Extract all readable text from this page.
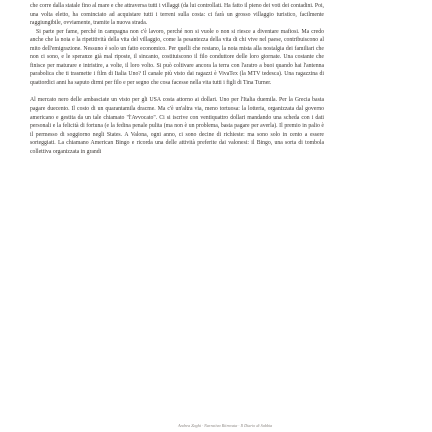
che corre dalla statale fino al mare e che attraversa tutti i villaggi (da lui controllati. Ha fatto il pieno dei voti dei contadini. Poi, una volta eletto, ha cominciato ad acquistare tutti i terreni sulla costa: ci farà un grosso villaggio turistico, facilmente raggiungibile, ovviamente, tramite la nuova strada.

Si parte per fame, perché in campagna non c'è lavoro, perché non si vuole o non si riesce a diventare mafiosi. Ma credo anche che la noia e la ripetitività della vita del villaggio, come la pesantezza della vita di chi vive nel paese, contribuiscono al mito dell'emigrazione. Nessuno è solo un fatto economico. Per quelli che restano, la noia mista alla nostalgia dei familiari che non ci sono, e le speranze già mal riposte, il sincanto, costituiscono il filo conduttore delle loro giornate. Una costante che finisce per maturare e intristire, a volte, il loro volto. Si può coltivare ancora la terra con l'aratro a buoi quando hai l'antenna parabolica che ti trasmette i film di Italia Uno? Il canale più visto dai ragazzi è VivaTex (la MTV tedesca). Una ragazzina di quattordici anni ha saputo dirmi per filo e per segno che cosa facesse nella vita tutti i figli di Tina Turner.

Al mercato nero delle ambasciate un visto per gli USA costa attorno ai dollari. Uno per l'Italia duemila. Per la Grecia basta pagare duecento. Il costo di un quarantamila dracme. Ma c'è un'altra via, meno tortuosa: la lotteria, organizzata dal governo americano e gestita da un tale chiamato "l'Avvocato". Ci si iscrive con ventiquattro dollari mandando una scheda con i dati personali e la felicità di fortuna (e la fedina penale pulita (ma non è un problema, basta pagare per averla). Il premio in palio è il permesso di soggiorno negli States. A Valona, ogni anno, ci sono decine di richieste: ma sono solo in cento a essere sorteggiati. La chiamano American Bingo e ricorda una delle attività preferite dai valonesi: il Bingo, una sorta di tombola collettiva organizzata in grandi

Andrea Zaghi · Narrativa Ritrovata · Il Diario di Sabbia
